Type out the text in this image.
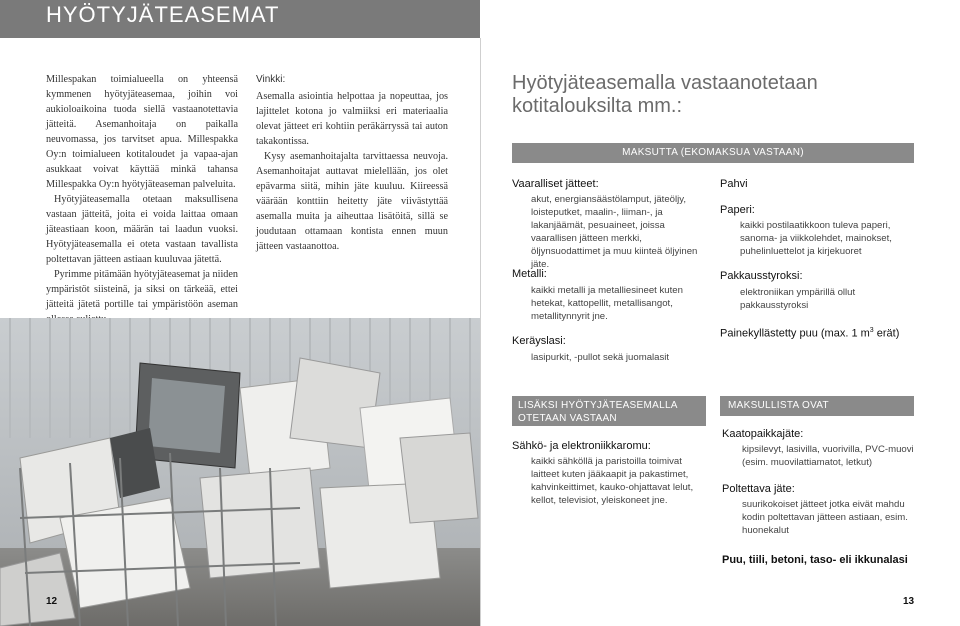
HYÖTYJÄTEASEMAT

Millespakan toimialueella on yhteensä kymmenen hyötyjäteasemaa, joihin voi aukioloaikoina tuoda siellä vastaanotettavia jätteitä. Asemanhoitaja on paikalla neuvomassa, jos tarvitset apua. Millespakka Oy:n toimialueen kotitaloudet ja vapaa-ajan asukkaat voivat käyttää minkä tahansa Millespakka Oy:n hyötyjäteaseman palveluita.

Hyötyjäteasemalla otetaan maksullisena vastaan jätteitä, joita ei voida laittaa omaan jäteastiaan koon, määrän tai laadun vuoksi. Hyötyjäteasemalla ei oteta vastaan tavallista poltettavan jätteen astiaan kuuluvaa jätettä.

Pyrimme pitämään hyötyjäteasemat ja niiden ympäristöt siisteinä, ja siksi on tärkeää, ettei jätteitä jätetä portille tai ympäristöön aseman

Vinkki:

Asemalla asiointia helpottaa ja nopeuttaa, jos lajittelet kotona jo valmiiksi eri materiaalia olevat jätteet eri kohtiin peräkärryssä tai auton takakontissa.

Kysy asemanhoitajalta tarvittaessa neuvoja. Asemanhoitajat auttavat mielellään, jos olet epävarma siitä, mihin jäte kuuluu. Kiireessä väärään konttiin heitetty jäte viivästyttää asemalla muita ja aiheuttaa lisätöitä, sillä se joudutaan ottamaan kontista ennen muun jätteen vastaanottoa.

12
Hyötyjäteasemalla vastaanotetaan kotitalouksilta mm.:
MAKSUTTA (EKOMAKSUA VASTAAN)
Vaaralliset jätteet:
akut, energiansäästölamput, jäteöljy, loisteputket, maalin-, liiman-, ja lakanjäämät, pesuaineet, joissa vaarallisen jätteen merkki, öljynsuodattimet ja muu kiinteä öljyinen jäte.
Metalli:
kaikki metalli ja metalliesineet kuten hetekat, kattopellit, metallisangot, metallitynnyrit jne.
Keräyslasi:
lasipurkit, -pullot sekä juomalasit
Pahvi
Paperi:
kaikki postilaatikkoon tuleva paperi, sanoma- ja viikkolehdet, mainokset, puhelinluettelot ja kirjekuoret
Pakkausstyroksi:
elektroniikan ympärillä ollut pakkausstyroksi
Painekyllästetty puu (max. 1 $m^3$ erät)
LISÄKSI HYÖTYJÄTEASEMALLA
OTETAAN VASTAAN
Sähkö- ja elektroniikkaromu:
kaikki sähköllä ja paristoilla toimivat laitteet kuten jääkaapit ja pakastimet, kahvinkeittimet, kauko-ohjattavat lelut, kellot, televisiot, yleiskoneet jne.
MAKSULLISTA OVAT
Kaatopaikkajäte:
kipsilevyt, lasivilla, vuorivilla, PVC-muovi (esim. muovilattiamatot, letkut)
Poltettava jäte:
suurikokoiset jätteet jotka eivät mahdu kodin poltettavan jätteen astiaan, esim. huonekalut
Puu, tiili, betoni, taso- eli ikkunalasi
13
